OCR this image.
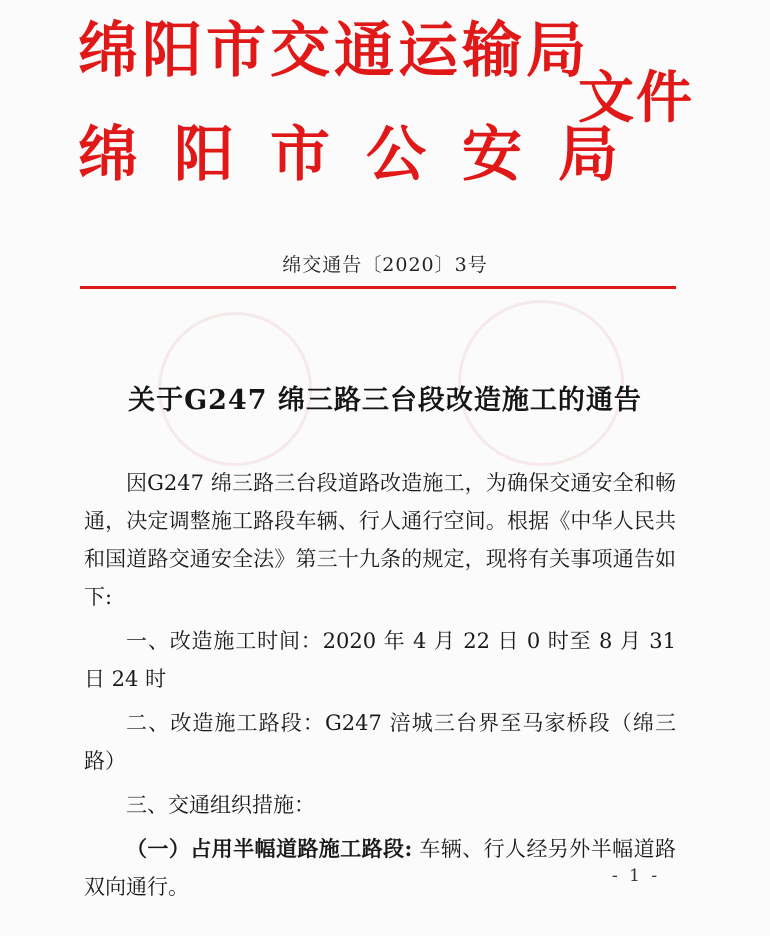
绵阳市交通运输局
绵阳市公安局
文件
绵交通告〔2020〕3号
关于G247 绵三路三台段改造施工的通告

因G247 绵三路三台段道路改造施工，为确保交通安全和畅通，决定调整施工路段车辆、行人通行空间。根据《中华人民共和国道路交通安全法》第三十九条的规定，现将有关事项通告如下:

一、改造施工时间：2020 年 4 月 22 日 0 时至 8 月 31 日 24 时

二、改造施工路段：G247 涪城三台界至马家桥段（绵三路）

三、交通组织措施：

（一）占用半幅道路施工路段: 车辆、行人经另外半幅道路双向通行。	- 1 -
